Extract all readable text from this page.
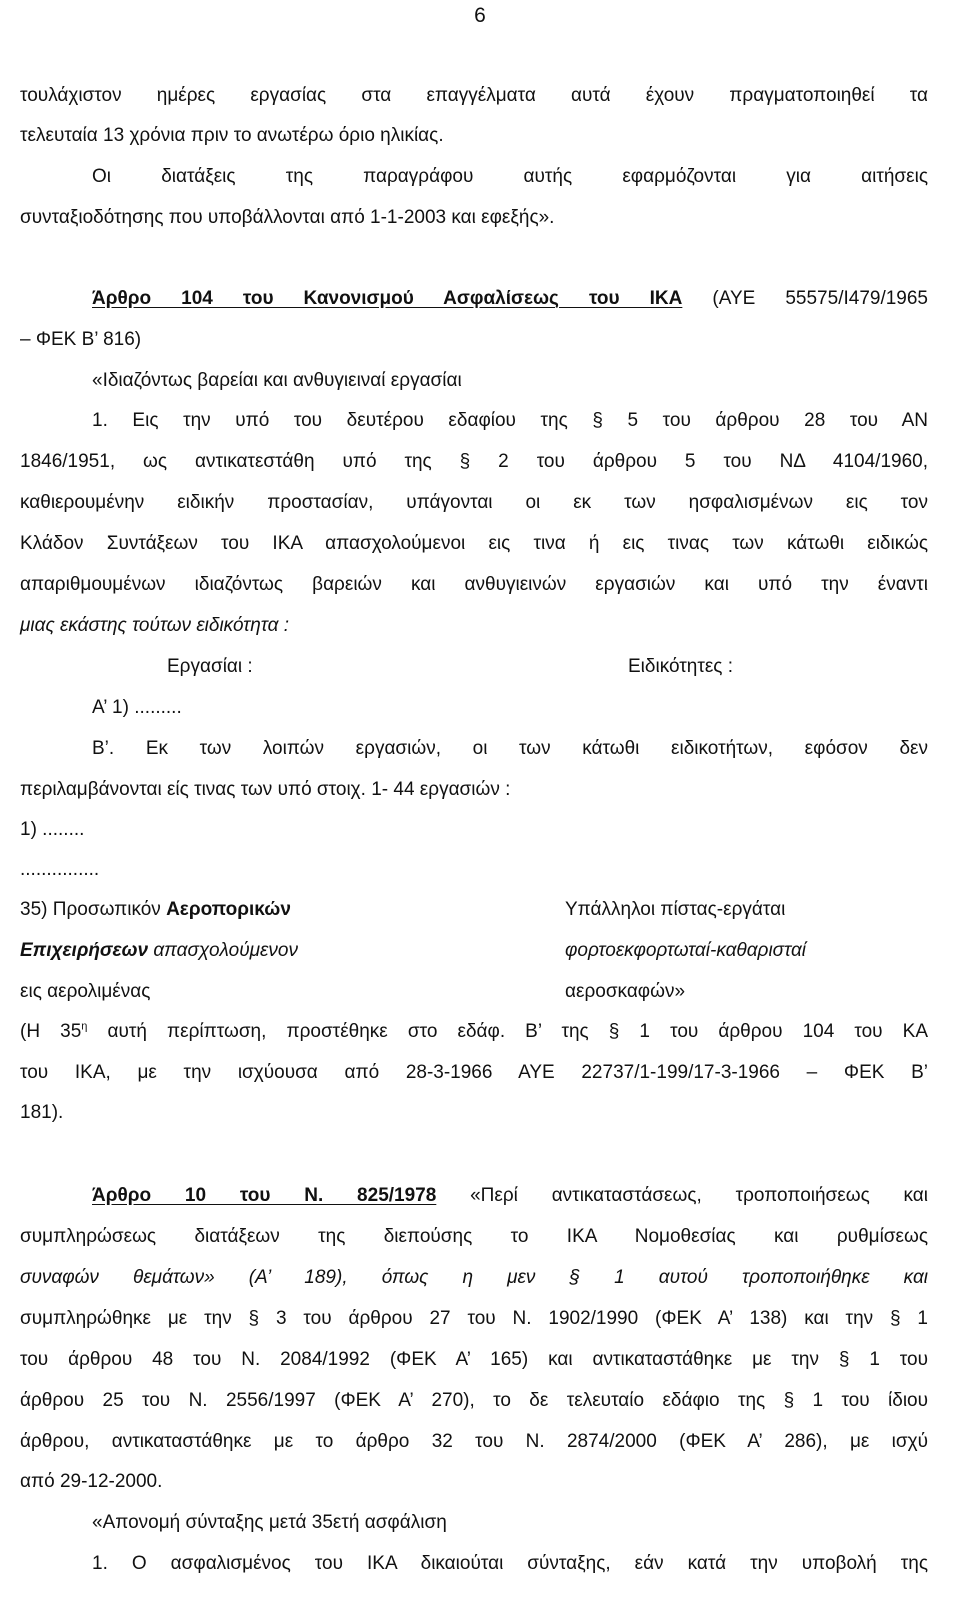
6
τουλάχιστον ημέρες εργασίας στα επαγγέλματα αυτά έχουν πραγματοποιηθεί τα
τελευταία 13 χρόνια πριν το ανωτέρω όριο ηλικίας.
Οι διατάξεις της παραγράφου αυτής εφαρμόζονται για αιτήσεις
συνταξιοδότησης που υποβάλλονται από 1-1-2003 και εφεξής».
Άρθρο 104 του Κανονισμού Ασφαλίσεως του ΙΚΑ (ΑΥΕ 55575/Ι479/1965
– ΦΕΚ Β’ 816)
«Ιδιαζόντως βαρείαι και ανθυγιειναί εργασίαι
1. Εις την υπό του δευτέρου εδαφίου της § 5 του άρθρου 28 του ΑΝ
1846/1951, ως αντικατεστάθη υπό της § 2 του άρθρου 5 του ΝΔ 4104/1960,
καθιερουμένην ειδικήν προστασίαν, υπάγονται οι εκ των ησφαλισμένων εις τον
Κλάδον Συντάξεων του ΙΚΑ απασχολούμενοι εις τινα ή εις τινας των κάτωθι ειδικώς
απαριθμουμένων ιδιαζόντως βαρειών και ανθυγιεινών εργασιών και υπό την έναντι
μιας εκάστης τούτων ειδικότητα :
Εργασίαι :	Ειδικότητες :
Α’ 1) .........
Β’. Εκ των λοιπών εργασιών, οι των κάτωθι ειδικοτήτων, εφόσον δεν
περιλαμβάνονται είς τινας των υπό στοιχ. 1- 44 εργασιών :
1) ........
...............
35) Προσωπικόν Αεροπορικών	Υπάλληλοι πίστας-εργάται
Επιχειρήσεων απασχολούμενον	φορτοεκφορτωταί-καθαρισταί
εις αερολιμένας	αεροσκαφών»
(Η $35^\eta$ αυτή περίπτωση, προστέθηκε στο εδάφ. Β’ της § 1 του άρθρου 104 του ΚΑ
του ΙΚΑ, με την ισχύουσα από 28-3-1966 ΑΥΕ 22737/1-199/17-3-1966 – ΦΕΚ Β’
181).
Άρθρο 10 του Ν. 825/1978 «Περί αντικαταστάσεως, τροποποιήσεως και
συμπληρώσεως διατάξεων της διεπούσης το ΙΚΑ Νομοθεσίας και ρυθμίσεως
συναφών θεμάτων» (Α’ 189), όπως η μεν § 1 αυτού τροποποιήθηκε και
συμπληρώθηκε με την § 3 του άρθρου 27 του Ν. 1902/1990 (ΦΕΚ Α’ 138) και την § 1
του άρθρου 48 του Ν. 2084/1992 (ΦΕΚ Α’ 165) και αντικαταστάθηκε με την § 1 του
άρθρου 25 του Ν. 2556/1997 (ΦΕΚ Α’ 270), το δε τελευταίο εδάφιο της § 1 του ίδιου
άρθρου, αντικαταστάθηκε με το άρθρο 32 του Ν. 2874/2000 (ΦΕΚ Α’ 286), με ισχύ
από 29-12-2000.
«Απονομή σύνταξης μετά 35ετή ασφάλιση
1. Ο ασφαλισμένος του ΙΚΑ δικαιούται σύνταξης, εάν κατά την υποβολή της
